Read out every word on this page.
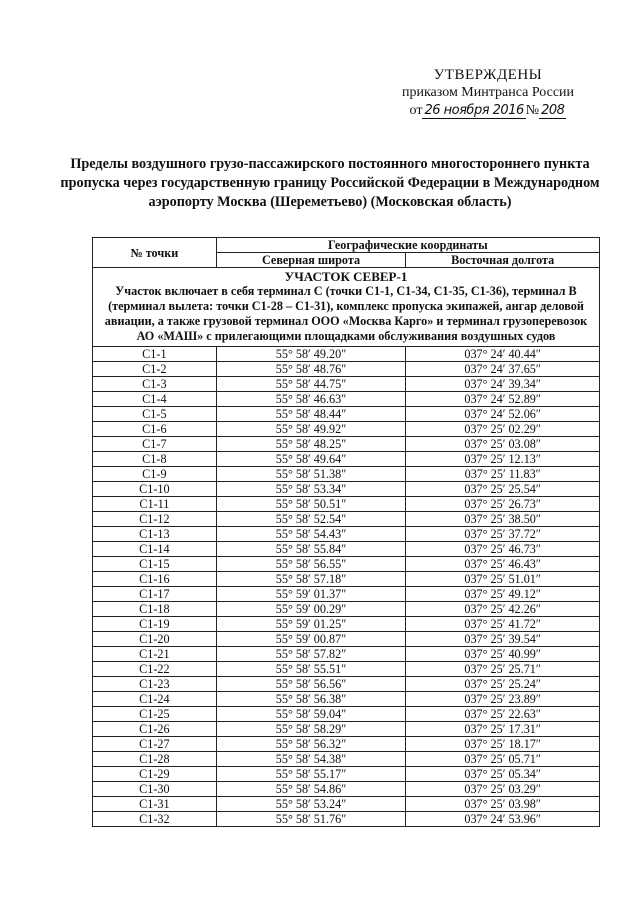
УТВЕРЖДЕНЫ
приказом Минтранса России
от 26 ноября 2016 № 208
Пределы воздушного грузо-пассажирского постоянного многостороннего пункта пропуска через государственную границу Российской Федерации в Международном аэропорту Москва (Шереметьево) (Московская область)
№ точки	Географические координаты	
	Северная широта	Восточная долгота

УЧАСТОК СЕВЕР-1
Участок включает в себя терминал С (точки С1-1, С1-34, С1-35, С1-36), терминал В (терминал вылета: точки С1-28 – С1-31), комплекс пропуска экипажей, ангар деловой авиации, а также грузовой терминал ООО «Москва Карго» и терминал грузоперевозок АО «МАШ» с прилегающими площадками обслуживания воздушных судов		

С1-1	55° 58′ 49.20″	037° 24′ 40.44″
С1-2	55° 58′ 48.76″	037° 24′ 37.65″
С1-3	55° 58′ 44.75″	037° 24′ 39.34″
С1-4	55° 58′ 46.63″	037° 24′ 52.89″
С1-5	55° 58′ 48.44″	037° 24′ 52.06″
С1-6	55° 58′ 49.92″	037° 25′ 02.29″
С1-7	55° 58′ 48.25″	037° 25′ 03.08″
С1-8	55° 58′ 49.64″	037° 25′ 12.13″
С1-9	55° 58′ 51.38″	037° 25′ 11.83″
С1-10	55° 58′ 53.34″	037° 25′ 25.54″
С1-11	55° 58′ 50.51″	037° 25′ 26.73″
С1-12	55° 58′ 52.54″	037° 25′ 38.50″
С1-13	55° 58′ 54.43″	037° 25′ 37.72″
С1-14	55° 58′ 55.84″	037° 25′ 46.73″
С1-15	55° 58′ 56.55″	037° 25′ 46.43″
С1-16	55° 58′ 57.18″	037° 25′ 51.01″
С1-17	55° 59′ 01.37″	037° 25′ 49.12″
С1-18	55° 59′ 00.29″	037° 25′ 42.26″
С1-19	55° 59′ 01.25″	037° 25′ 41.72″
С1-20	55° 59′ 00.87″	037° 25′ 39.54″
С1-21	55° 58′ 57.82″	037° 25′ 40.99″
С1-22	55° 58′ 55.51″	037° 25′ 25.71″
С1-23	55° 58′ 56.56″	037° 25′ 25.24″
С1-24	55° 58′ 56.38″	037° 25′ 23.89″
С1-25	55° 58′ 59.04″	037° 25′ 22.63″
С1-26	55° 58′ 58.29″	037° 25′ 17.31″
С1-27	55° 58′ 56.32″	037° 25′ 18.17″
С1-28	55° 58′ 54.38″	037° 25′ 05.71″
С1-29	55° 58′ 55.17″	037° 25′ 05.34″
С1-30	55° 58′ 54.86″	037° 25′ 03.29″
С1-31	55° 58′ 53.24″	037° 25′ 03.98″
С1-32	55° 58′ 51.76″	037° 24′ 53.96″
